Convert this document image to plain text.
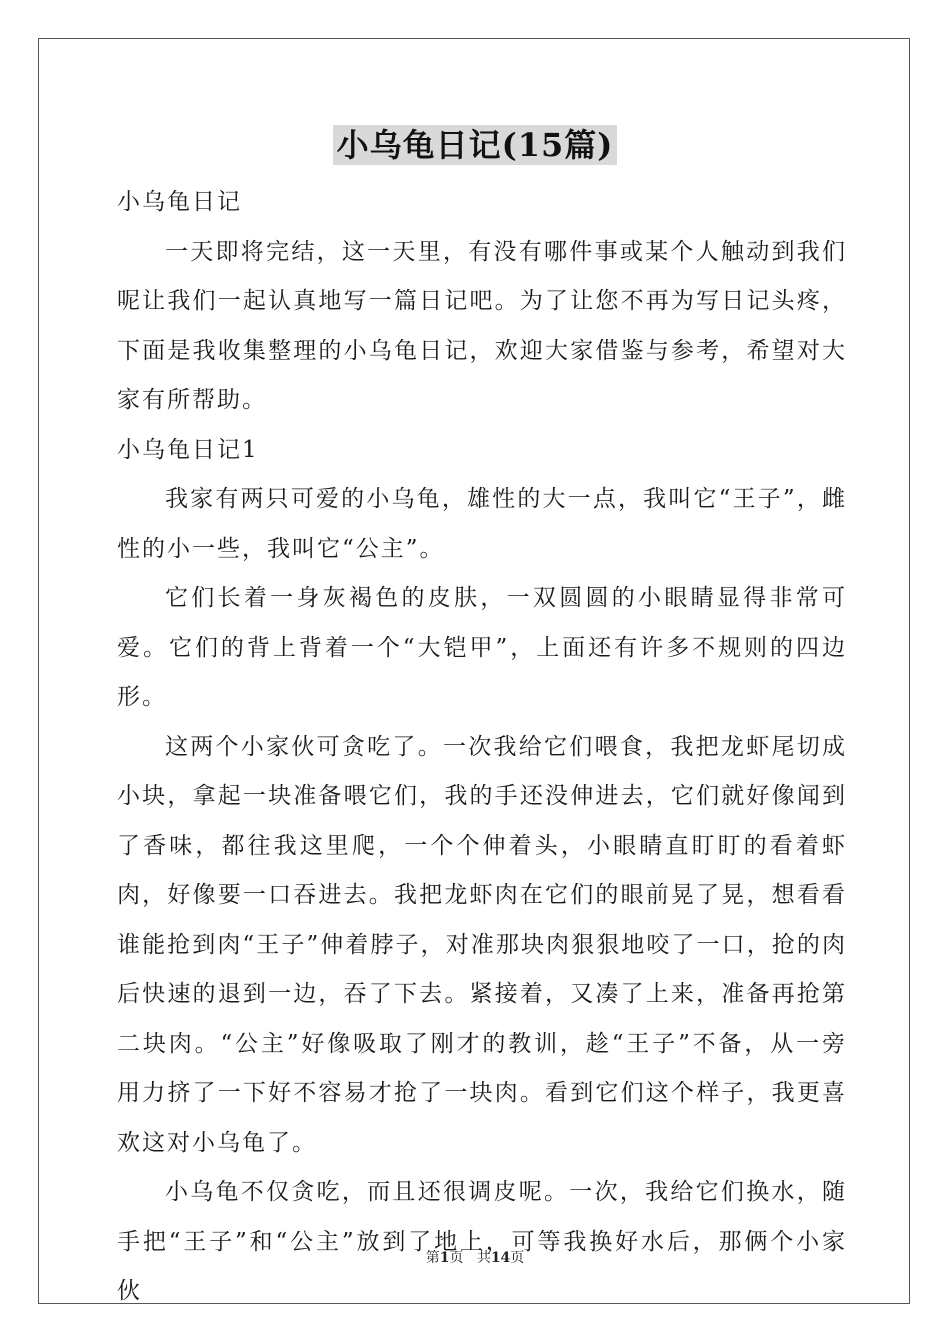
小乌龟日记(15篇)

小乌龟日记

一天即将完结，这一天里，有没有哪件事或某个人触动到我们呢让我们一起认真地写一篇日记吧。为了让您不再为写日记头疼，下面是我收集整理的小乌龟日记，欢迎大家借鉴与参考，希望对大家有所帮助。

小乌龟日记1

我家有两只可爱的小乌龟，雄性的大一点，我叫它“王子”，雌性的小一些，我叫它“公主”。

它们长着一身灰褐色的皮肤，一双圆圆的小眼睛显得非常可爱。它们的背上背着一个“大铠甲”，上面还有许多不规则的四边形。

这两个小家伙可贪吃了。一次我给它们喂食，我把龙虾尾切成小块，拿起一块准备喂它们，我的手还没伸进去，它们就好像闻到了香味，都往我这里爬，一个个伸着头，小眼睛直盯盯的看着虾肉，好像要一口吞进去。我把龙虾肉在它们的眼前晃了晃，想看看谁能抢到肉“王子”伸着脖子，对准那块肉狠狠地咬了一口，抢的肉后快速的退到一边，吞了下去。紧接着，又凑了上来，准备再抢第二块肉。“公主”好像吸取了刚才的教训，趁“王子”不备，从一旁用力挤了一下好不容易才抢了一块肉。看到它们这个样子，我更喜欢这对小乌龟了。

小乌龟不仅贪吃，而且还很调皮呢。一次，我给它们换水，随手把“王子”和“公主”放到了地上，可等我换好水后，那俩个小家伙

第1页 共14页
